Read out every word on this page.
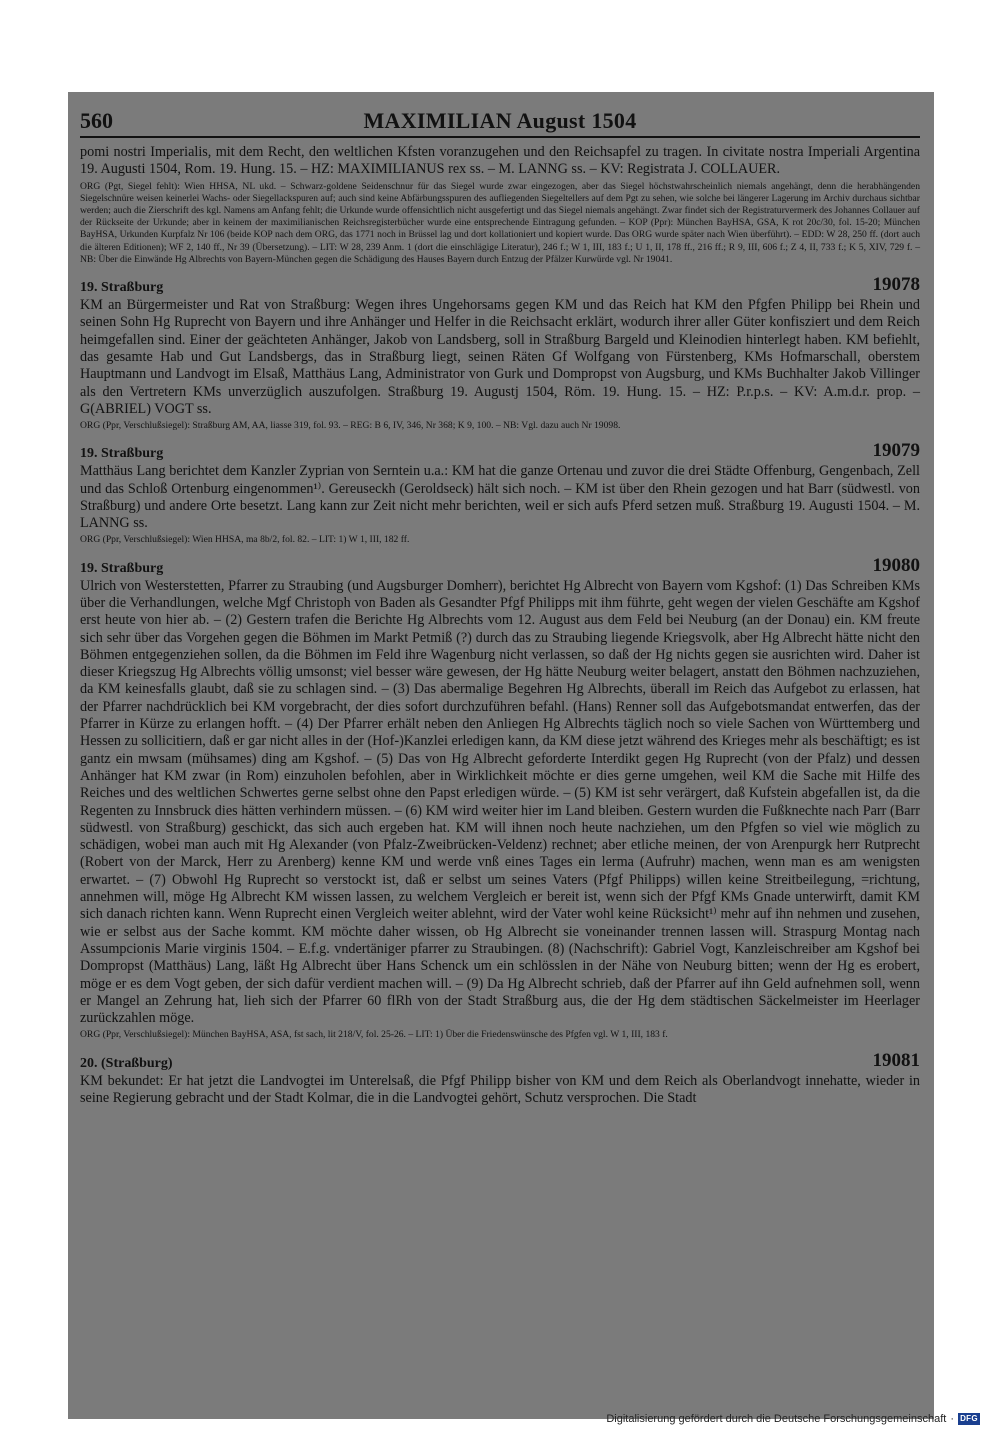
560	MAXIMILIAN August 1504

pomi nostri Imperialis, mit dem Recht, den weltlichen Kfsten voranzugehen und den Reichsapfel zu tragen. In civitate nostra Imperiali Argentina 19. Augusti 1504, Rom. 19. Hung. 15. – HZ: MAXIMILIANUS rex ss. – M. LANNG ss. – KV: Registrata J. COLLAUER.

ORG (Pgt, Siegel fehlt): Wien HHSA, NL ukd. – Schwarz-goldene Seidenschnur für das Siegel wurde zwar eingezogen, aber das Siegel höchstwahrscheinlich niemals angehängt, denn die herabhängenden Siegelschnüre weisen keinerlei Wachs- oder Siegellackspuren auf; auch sind keine Abfärbungsspuren des aufliegenden Siegeltellers auf dem Pgt zu sehen, wie solche bei längerer Lagerung im Archiv durchaus sichtbar werden; auch die Zierschrift des kgl. Namens am Anfang fehlt; die Urkunde wurde offensichtlich nicht ausgefertigt und das Siegel niemals angehängt. Zwar findet sich der Registraturvermerk des Johannes Collauer auf der Rückseite der Urkunde; aber in keinem der maximilianischen Reichsregisterbücher wurde eine entsprechende Eintragung gefunden. – KOP (Ppr): München BayHSA, GSA, K rot 20c/30, fol. 15-20; München BayHSA, Urkunden Kurpfalz Nr 106 (beide KOP nach dem ORG, das 1771 noch in Brüssel lag und dort kollationiert und kopiert wurde. Das ORG wurde später nach Wien überführt). – EDD: W 28, 250 ff. (dort auch die älteren Editionen); WF 2, 140 ff., Nr 39 (Übersetzung). – LIT: W 28, 239 Anm. 1 (dort die einschlägige Literatur), 246 f.; W 1, III, 183 f.; U 1, II, 178 ff., 216 ff.; R 9, III, 606 f.; Z 4, II, 733 f.; K 5, XIV, 729 f. – NB: Über die Einwände Hg Albrechts von Bayern-München gegen die Schädigung des Hauses Bayern durch Entzug der Pfälzer Kurwürde vgl. Nr 19041.

19. Straßburg	19078

KM an Bürgermeister und Rat von Straßburg: Wegen ihres Ungehorsams gegen KM und das Reich hat KM den Pfgfen Philipp bei Rhein und seinen Sohn Hg Ruprecht von Bayern und ihre Anhänger und Helfer in die Reichsacht erklärt, wodurch ihrer aller Güter konfisziert und dem Reich heimgefallen sind. Einer der geächteten Anhänger, Jakob von Landsberg, soll in Straßburg Bargeld und Kleinodien hinterlegt haben. KM befiehlt, das gesamte Hab und Gut Landsbergs, das in Straßburg liegt, seinen Räten Gf Wolfgang von Fürstenberg, KMs Hofmarschall, oberstem Hauptmann und Landvogt im Elsaß, Matthäus Lang, Administrator von Gurk und Dompropst von Augsburg, und KMs Buchhalter Jakob Villinger als den Vertretern KMs unverzüglich auszufolgen. Straßburg 19. Augustj 1504, Röm. 19. Hung. 15. – HZ: P.r.p.s. – KV: A.m.d.r. prop. – G(ABRIEL) VOGT ss.

ORG (Ppr, Verschlußsiegel): Straßburg AM, AA, liasse 319, fol. 93. – REG: B 6, IV, 346, Nr 368; K 9, 100. – NB: Vgl. dazu auch Nr 19098.

19. Straßburg	19079

Matthäus Lang berichtet dem Kanzler Zyprian von Serntein u.a.: KM hat die ganze Ortenau und zuvor die drei Städte Offenburg, Gengenbach, Zell und das Schloß Ortenburg eingenommen¹⁾. Gereuseckh (Geroldseck) hält sich noch. – KM ist über den Rhein gezogen und hat Barr (südwestl. von Straßburg) und andere Orte besetzt. Lang kann zur Zeit nicht mehr berichten, weil er sich aufs Pferd setzen muß. Straßburg 19. Augusti 1504. – M. LANNG ss.

ORG (Ppr, Verschlußsiegel): Wien HHSA, ma 8b/2, fol. 82. – LIT: 1) W 1, III, 182 ff.

19. Straßburg	19080

Ulrich von Westerstetten, Pfarrer zu Straubing (und Augsburger Domherr), berichtet Hg Albrecht von Bayern vom Kgshof: (1) Das Schreiben KMs über die Verhandlungen, welche Mgf Christoph von Baden als Gesandter Pfgf Philipps mit ihm führte, geht wegen der vielen Geschäfte am Kgshof erst heute von hier ab. – (2) Gestern trafen die Berichte Hg Albrechts vom 12. August aus dem Feld bei Neuburg (an der Donau) ein. KM freute sich sehr über das Vorgehen gegen die Böhmen im Markt Petmiß (?) durch das zu Straubing liegende Kriegsvolk, aber Hg Albrecht hätte nicht den Böhmen entgegenziehen sollen, da die Böhmen im Feld ihre Wagenburg nicht verlassen, so daß der Hg nichts gegen sie ausrichten wird. Daher ist dieser Kriegszug Hg Albrechts völlig umsonst; viel besser wäre gewesen, der Hg hätte Neuburg weiter belagert, anstatt den Böhmen nachzuziehen, da KM keinesfalls glaubt, daß sie zu schlagen sind. – (3) Das abermalige Begehren Hg Albrechts, überall im Reich das Aufgebot zu erlassen, hat der Pfarrer nachdrücklich bei KM vorgebracht, der dies sofort durchzuführen befahl. (Hans) Renner soll das Aufgebotsmandat entwerfen, das der Pfarrer in Kürze zu erlangen hofft. – (4) Der Pfarrer erhält neben den Anliegen Hg Albrechts täglich noch so viele Sachen von Württemberg und Hessen zu sollicitiern, daß er gar nicht alles in der (Hof-)Kanzlei erledigen kann, da KM diese jetzt während des Krieges mehr als beschäftigt; es ist gantz ein mwsam (mühsames) ding am Kgshof. – (5) Das von Hg Albrecht geforderte Interdikt gegen Hg Ruprecht (von der Pfalz) und dessen Anhänger hat KM zwar (in Rom) einzuholen befohlen, aber in Wirklichkeit möchte er dies gerne umgehen, weil KM die Sache mit Hilfe des Reiches und des weltlichen Schwertes gerne selbst ohne den Papst erledigen würde. – (5) KM ist sehr verärgert, daß Kufstein abgefallen ist, da die Regenten zu Innsbruck dies hätten verhindern müssen. – (6) KM wird weiter hier im Land bleiben. Gestern wurden die Fußknechte nach Parr (Barr südwestl. von Straßburg) geschickt, das sich auch ergeben hat. KM will ihnen noch heute nachziehen, um den Pfgfen so viel wie möglich zu schädigen, wobei man auch mit Hg Alexander (von Pfalz-Zweibrücken-Veldenz) rechnet; aber etliche meinen, der von Arenpurgk herr Rutprecht (Robert von der Marck, Herr zu Arenberg) kenne KM und werde vnß eines Tages ein lerma (Aufruhr) machen, wenn man es am wenigsten erwartet. – (7) Obwohl Hg Ruprecht so verstockt ist, daß er selbst um seines Vaters (Pfgf Philipps) willen keine Streitbeilegung, =richtung, annehmen will, möge Hg Albrecht KM wissen lassen, zu welchem Vergleich er bereit ist, wenn sich der Pfgf KMs Gnade unterwirft, damit KM sich danach richten kann. Wenn Ruprecht einen Vergleich weiter ablehnt, wird der Vater wohl keine Rücksicht¹⁾ mehr auf ihn nehmen und zusehen, wie er selbst aus der Sache kommt. KM möchte daher wissen, ob Hg Albrecht sie voneinander trennen lassen will. Straspurg Montag nach Assumpcionis Marie virginis 1504. – E.f.g. vndertäniger pfarrer zu Straubingen. (8) (Nachschrift): Gabriel Vogt, Kanzleischreiber am Kgshof bei Dompropst (Matthäus) Lang, läßt Hg Albrecht über Hans Schenck um ein schlösslen in der Nähe von Neuburg bitten; wenn der Hg es erobert, möge er es dem Vogt geben, der sich dafür verdient machen will. – (9) Da Hg Albrecht schrieb, daß der Pfarrer auf ihn Geld aufnehmen soll, wenn er Mangel an Zehrung hat, lieh sich der Pfarrer 60 flRh von der Stadt Straßburg aus, die der Hg dem städtischen Säckelmeister im Heerlager zurückzahlen möge.

ORG (Ppr, Verschlußsiegel): München BayHSA, ASA, fst sach, lit 218/V, fol. 25-26. – LIT: 1) Über die Friedenswünsche des Pfgfen vgl. W 1, III, 183 f.

20. (Straßburg)	19081

KM bekundet: Er hat jetzt die Landvogtei im Unterelsaß, die Pfgf Philipp bisher von KM und dem Reich als Oberlandvogt innehatte, wieder in seine Regierung gebracht und der Stadt Kolmar, die in die Landvogtei gehört, Schutz versprochen. Die Stadt

Digitalisierung gefördert durch die Deutsche Forschungsgemeinschaft · DFG
